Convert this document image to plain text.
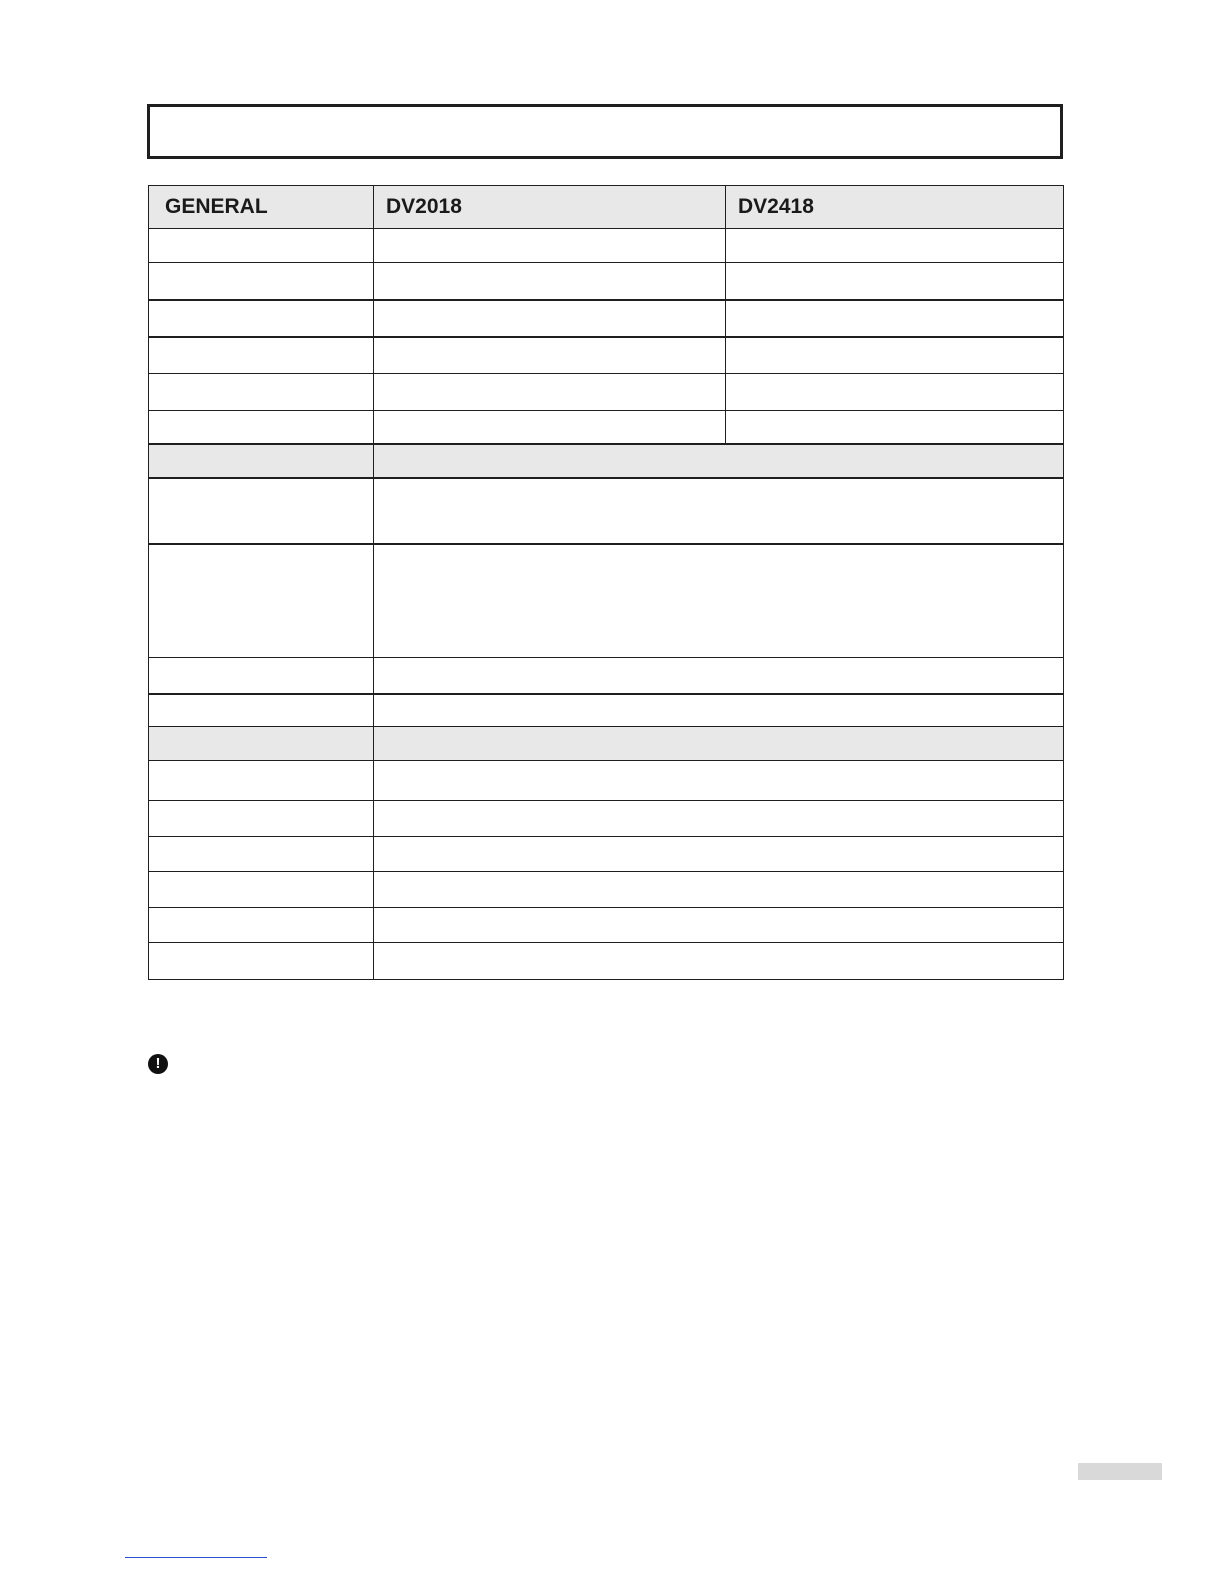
GENERAL	DV2018	DV2418

!
